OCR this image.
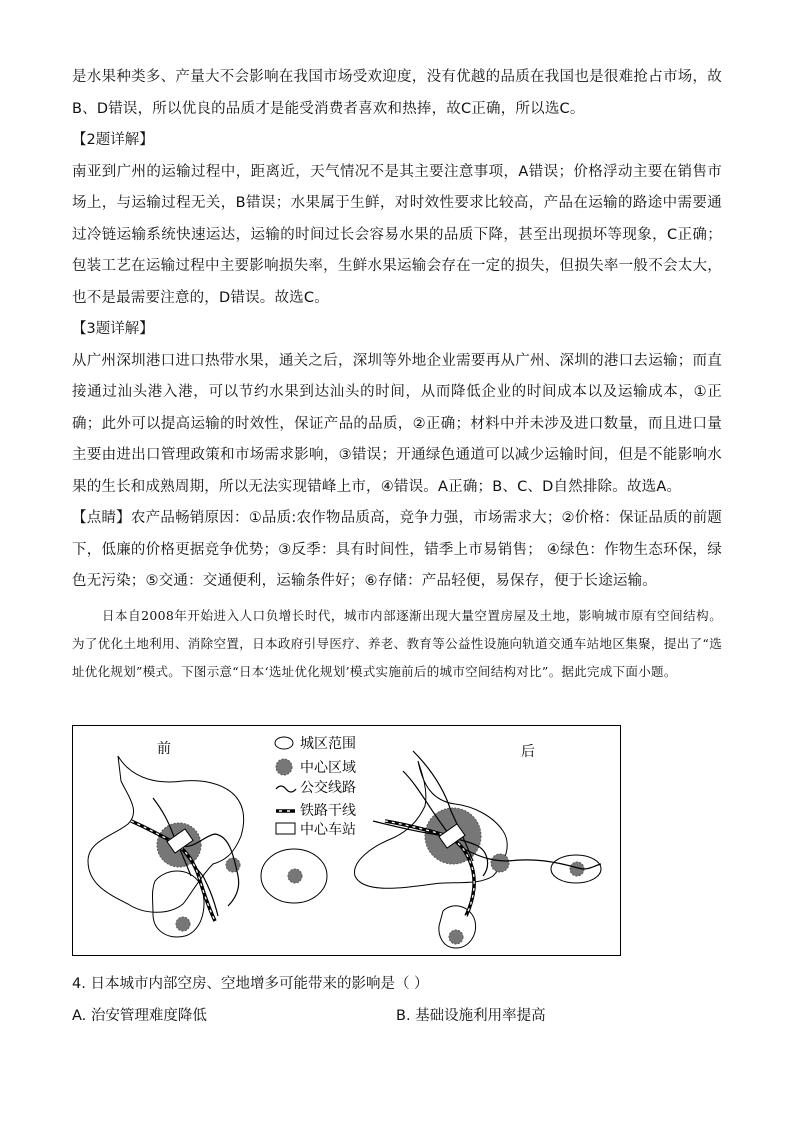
是水果种类多、产量大不会影响在我国市场受欢迎度，没有优越的品质在我国也是很难抢占市场，故B、D错误，所以优良的品质才是能受消费者喜欢和热捧，故C正确，所以选C。

【2题详解】

南亚到广州的运输过程中，距离近，天气情况不是其主要注意事项，A错误；价格浮动主要在销售市场上，与运输过程无关，B错误；水果属于生鲜，对时效性要求比较高，产品在运输的路途中需要通过冷链运输系统快速运达，运输的时间过长会容易水果的品质下降，甚至出现损坏等现象，C正确；包装工艺在运输过程中主要影响损失率，生鲜水果运输会存在一定的损失，但损失率一般不会太大，也不是最需要注意的，D错误。故选C。

【3题详解】

从广州深圳港口进口热带水果，通关之后，深圳等外地企业需要再从广州、深圳的港口去运输；而直接通过汕头港入港，可以节约水果到达汕头的时间，从而降低企业的时间成本以及运输成本，①正确；此外可以提高运输的时效性，保证产品的品质，②正确；材料中并未涉及进口数量，而且进口量主要由进出口管理政策和市场需求影响，③错误；开通绿色通道可以减少运输时间，但是不能影响水果的生长和成熟周期，所以无法实现错峰上市，④错误。A正确；B、C、D自然排除。故选A。

【点睛】农产品畅销原因：①品质:农作物品质高，竞争力强，市场需求大；②价格：保证品质的前题下，低廉的价格更据竞争优势；③反季：具有时间性，错季上市易销售； ④绿色：作物生态环保，绿色无污染；⑤交通：交通便利，运输条件好；⑥存储：产品轻便，易保存，便于长途运输。

日本自2008年开始进入人口负增长时代，城市内部逐渐出现大量空置房屋及土地，影响城市原有空间结构。为了优化土地利用、消除空置，日本政府引导医疗、养老、教育等公益性设施向轨道交通车站地区集聚，提出了“选址优化规划”模式。下图示意“日本‘选址优化规划’模式实施前后的城市空间结构对比”。据此完成下面小题。

前	后
城区范围
中心区域
公交线路
铁路干线
中心车站
4. 日本城市内部空房、空地增多可能带来的影响是（ ）
A. 治安管理难度降低	B. 基础设施利用率提高
